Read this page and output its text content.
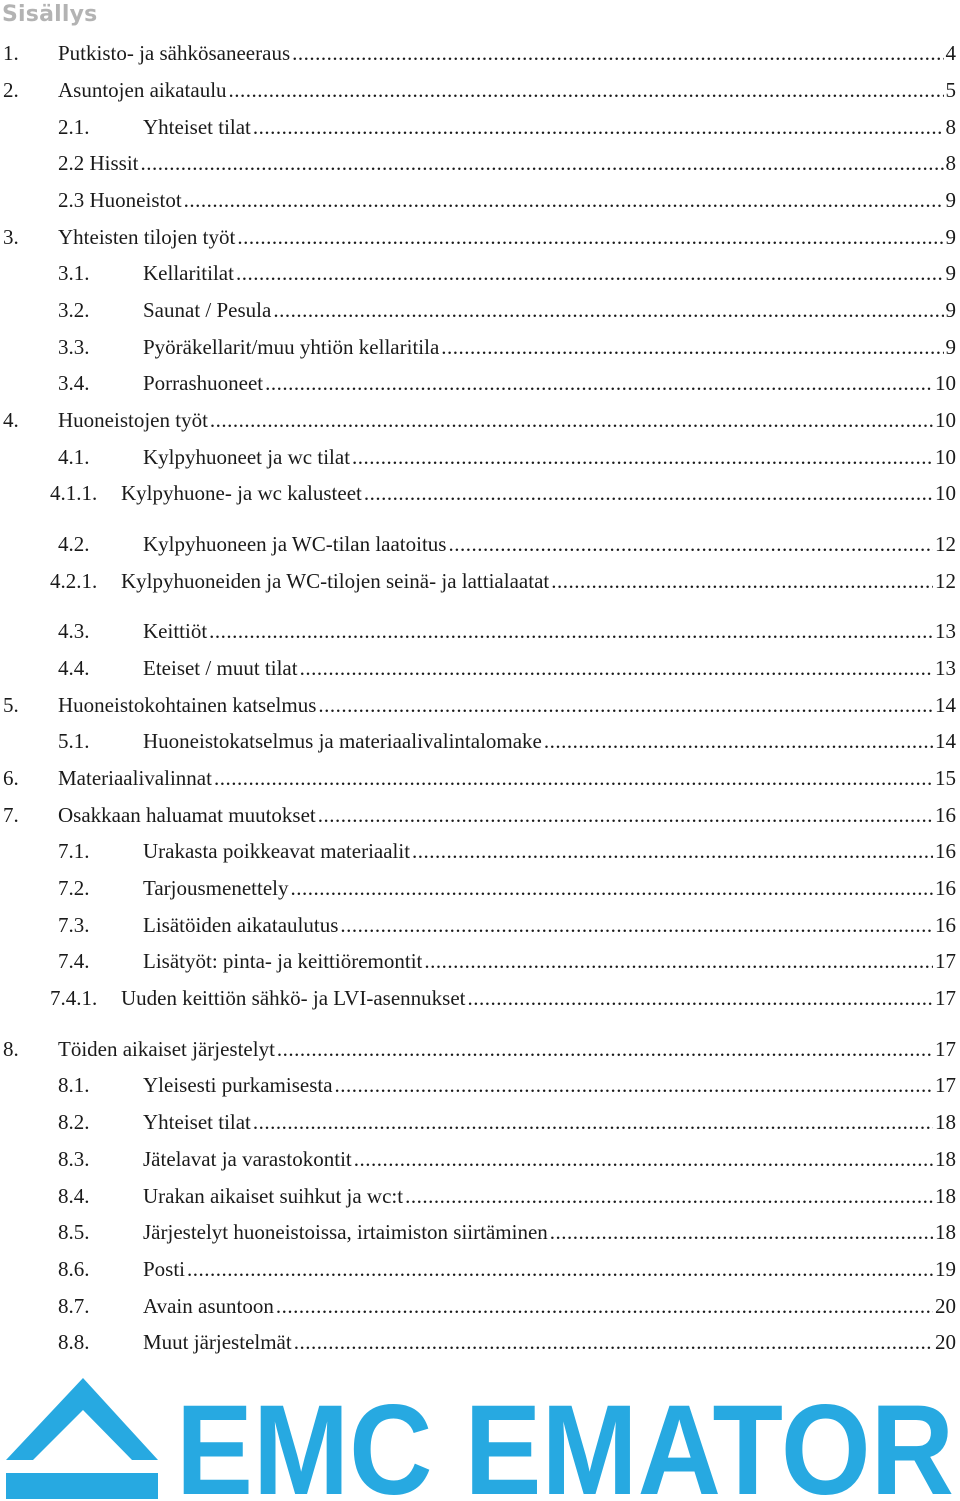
Sisällys
1. Putkisto- ja sähkösaneeraus .....	4
2. Asuntojen aikataulu .....	5
2.1.	Yhteiset tilat .....	8
2.2 Hissit .....	8
2.3 Huoneistot .....	9
3. Yhteisten tilojen työt .....	9
3.1.	Kellaritilat .....	9
3.2.	Saunat / Pesula .....	9
3.3.	Pyöräkellarit/muu yhtiön kellaritila .....	9
3.4.	Porrashuoneet .....	10
4. Huoneistojen työt .....	10
4.1.	Kylpyhuoneet ja wc tilat .....	10
4.1.1. Kylpyhuone- ja wc kalusteet .....	10
4.2.	Kylpyhuoneen ja WC-tilan laatoitus .....	12
4.2.1. Kylpyhuoneiden ja WC-tilojen seinä- ja lattialaatat .....	12
4.3.	Keittiöt .....	13
4.4.	Eteiset / muut tilat .....	13
5. Huoneistokohtainen katselmus .....	14
5.1.	Huoneistokatselmus ja materiaalivalintalomake .....	14
6. Materiaalivalinnat .....	15
7. Osakkaan haluamat muutokset .....	16
7.1.	Urakasta poikkeavat materiaalit .....	16
7.2.	Tarjousmenettely .....	16
7.3.	Lisätöiden aikataulutus .....	16
7.4.	Lisätyöt: pinta- ja keittiöremontit .....	17
7.4.1. Uuden keittiön sähkö- ja LVI-asennukset .....	17
8. Töiden aikaiset järjestelyt .....	17
8.1.	Yleisesti purkamisesta .....	17
8.2.	Yhteiset tilat .....	18
8.3.	Jätelavat ja varastokontit .....	18
8.4.	Urakan aikaiset suihkut ja wc:t .....	18
8.5.	Järjestelyt huoneistoissa, irtaimiston siirtäminen .....	18
8.6.	Posti .....	19
8.7.	Avain asuntoon .....	20
8.8.	Muut järjestelmät .....	20
EMC EMATOR
